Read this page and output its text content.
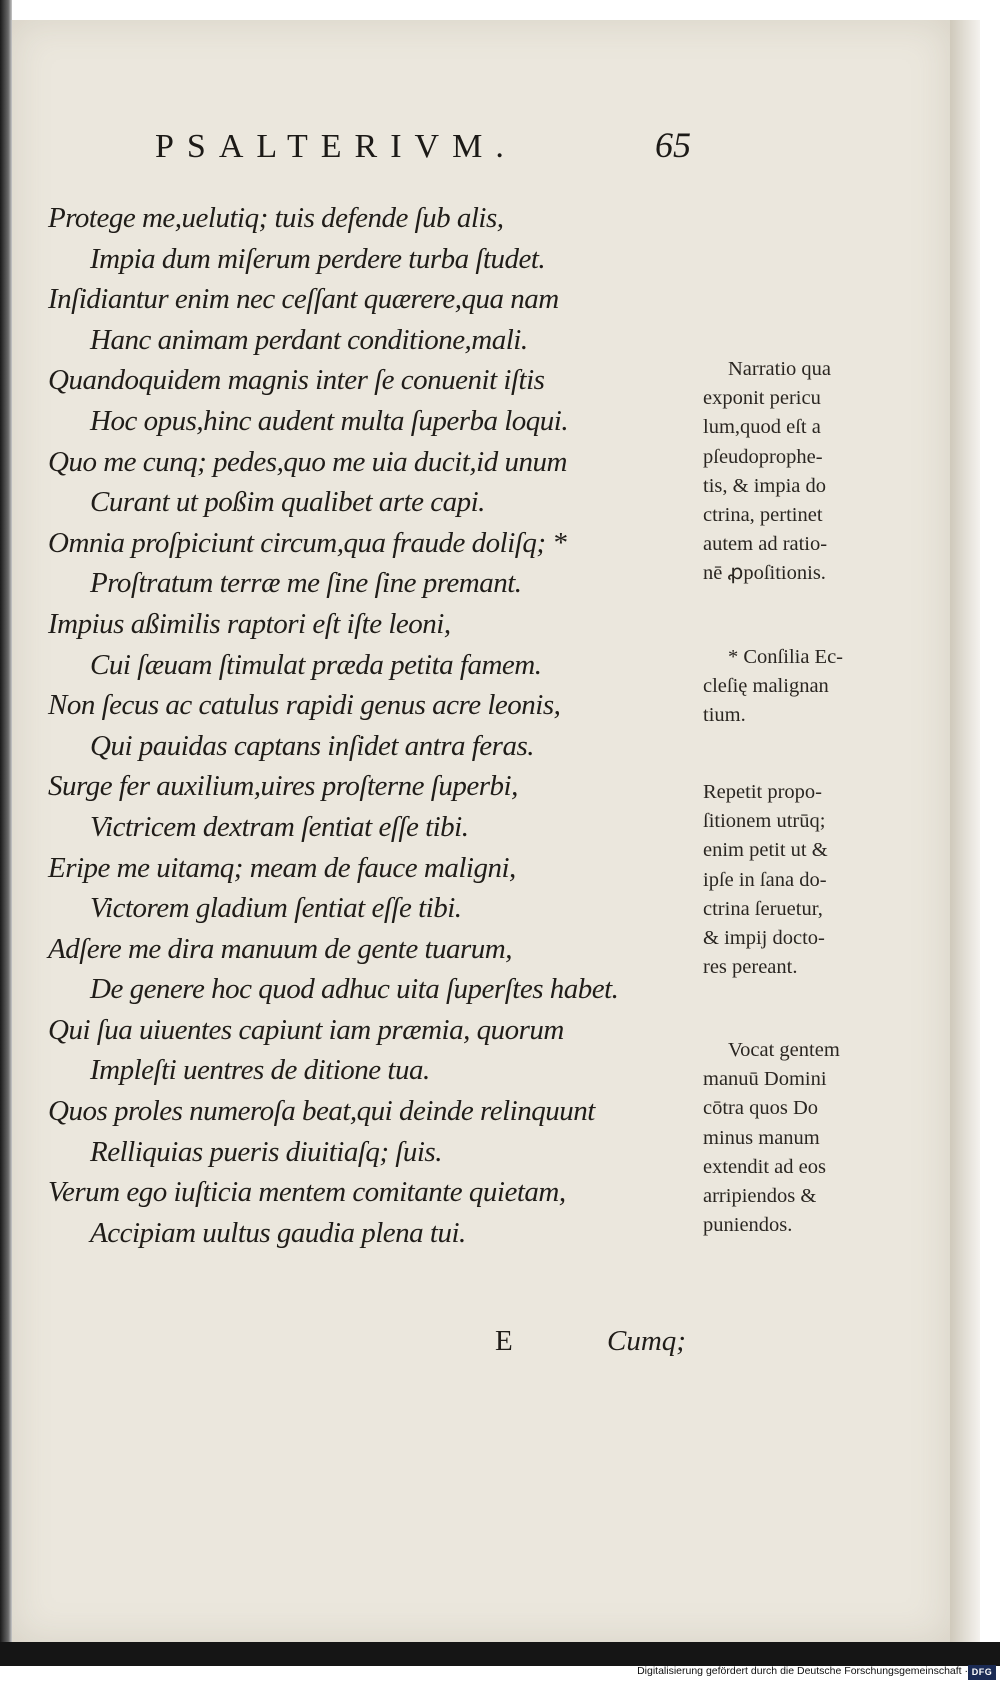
PSALTERIVM.	65
Protege me,uelutiq; tuis defende ſub alis,
Impia dum miſerum perdere turba ſtudet.
Inſidiantur enim nec ceſſant quærere,qua nam
Hanc animam perdant conditione,mali.
Quandoquidem magnis inter ſe conuenit iſtis
Hoc opus,hinc audent multa ſuperba loqui.
Quo me cunq; pedes,quo me uia ducit,id unum
Curant ut poßim qualibet arte capi.
Omnia proſpiciunt circum,qua fraude doliſq; *
Proſtratum terræ me ſine ſine premant.
Impius aßimilis raptori eſt iſte leoni,
Cui ſæuam ſtimulat præda petita famem.
Non ſecus ac catulus rapidi genus acre leonis,
Qui pauidas captans inſidet antra feras.
Surge fer auxilium,uires proſterne ſuperbi,
Victricem dextram ſentiat eſſe tibi.
Eripe me uitamq; meam de fauce maligni,
Victorem gladium ſentiat eſſe tibi.
Adſere me dira manuum de gente tuarum,
De genere hoc quod adhuc uita ſuperſtes habet.
Qui ſua uiuentes capiunt iam præmia, quorum
Impleſti uentres de ditione tua.
Quos proles numeroſa beat,qui deinde relinquunt
Relliquias pueris diuitiaſq; ſuis.
Verum ego iuſticia mentem comitante quietam,
Accipiam uultus gaudia plena tui.
E	Cumq;
Narratio qua
exponit pericu
lum,quod eſt a
pſeudoprophe-
tis, & impia do
ctrina, pertinet
autem ad ratio-
nē ꝓpoſitionis.
* Conſilia Ec-
cleſię malignan
tium.
Repetit propo-
ſitionem utrūq;
enim petit ut &
ipſe in ſana do-
ctrina ſeruetur,
& impij docto-
res pereant.
Vocat gentem
manuū Domini
cōtra quos Do
minus manum
extendit ad eos
arripiendos &
puniendos.
Digitalisierung gefördert durch die Deutsche Forschungsgemeinschaft · DFG
